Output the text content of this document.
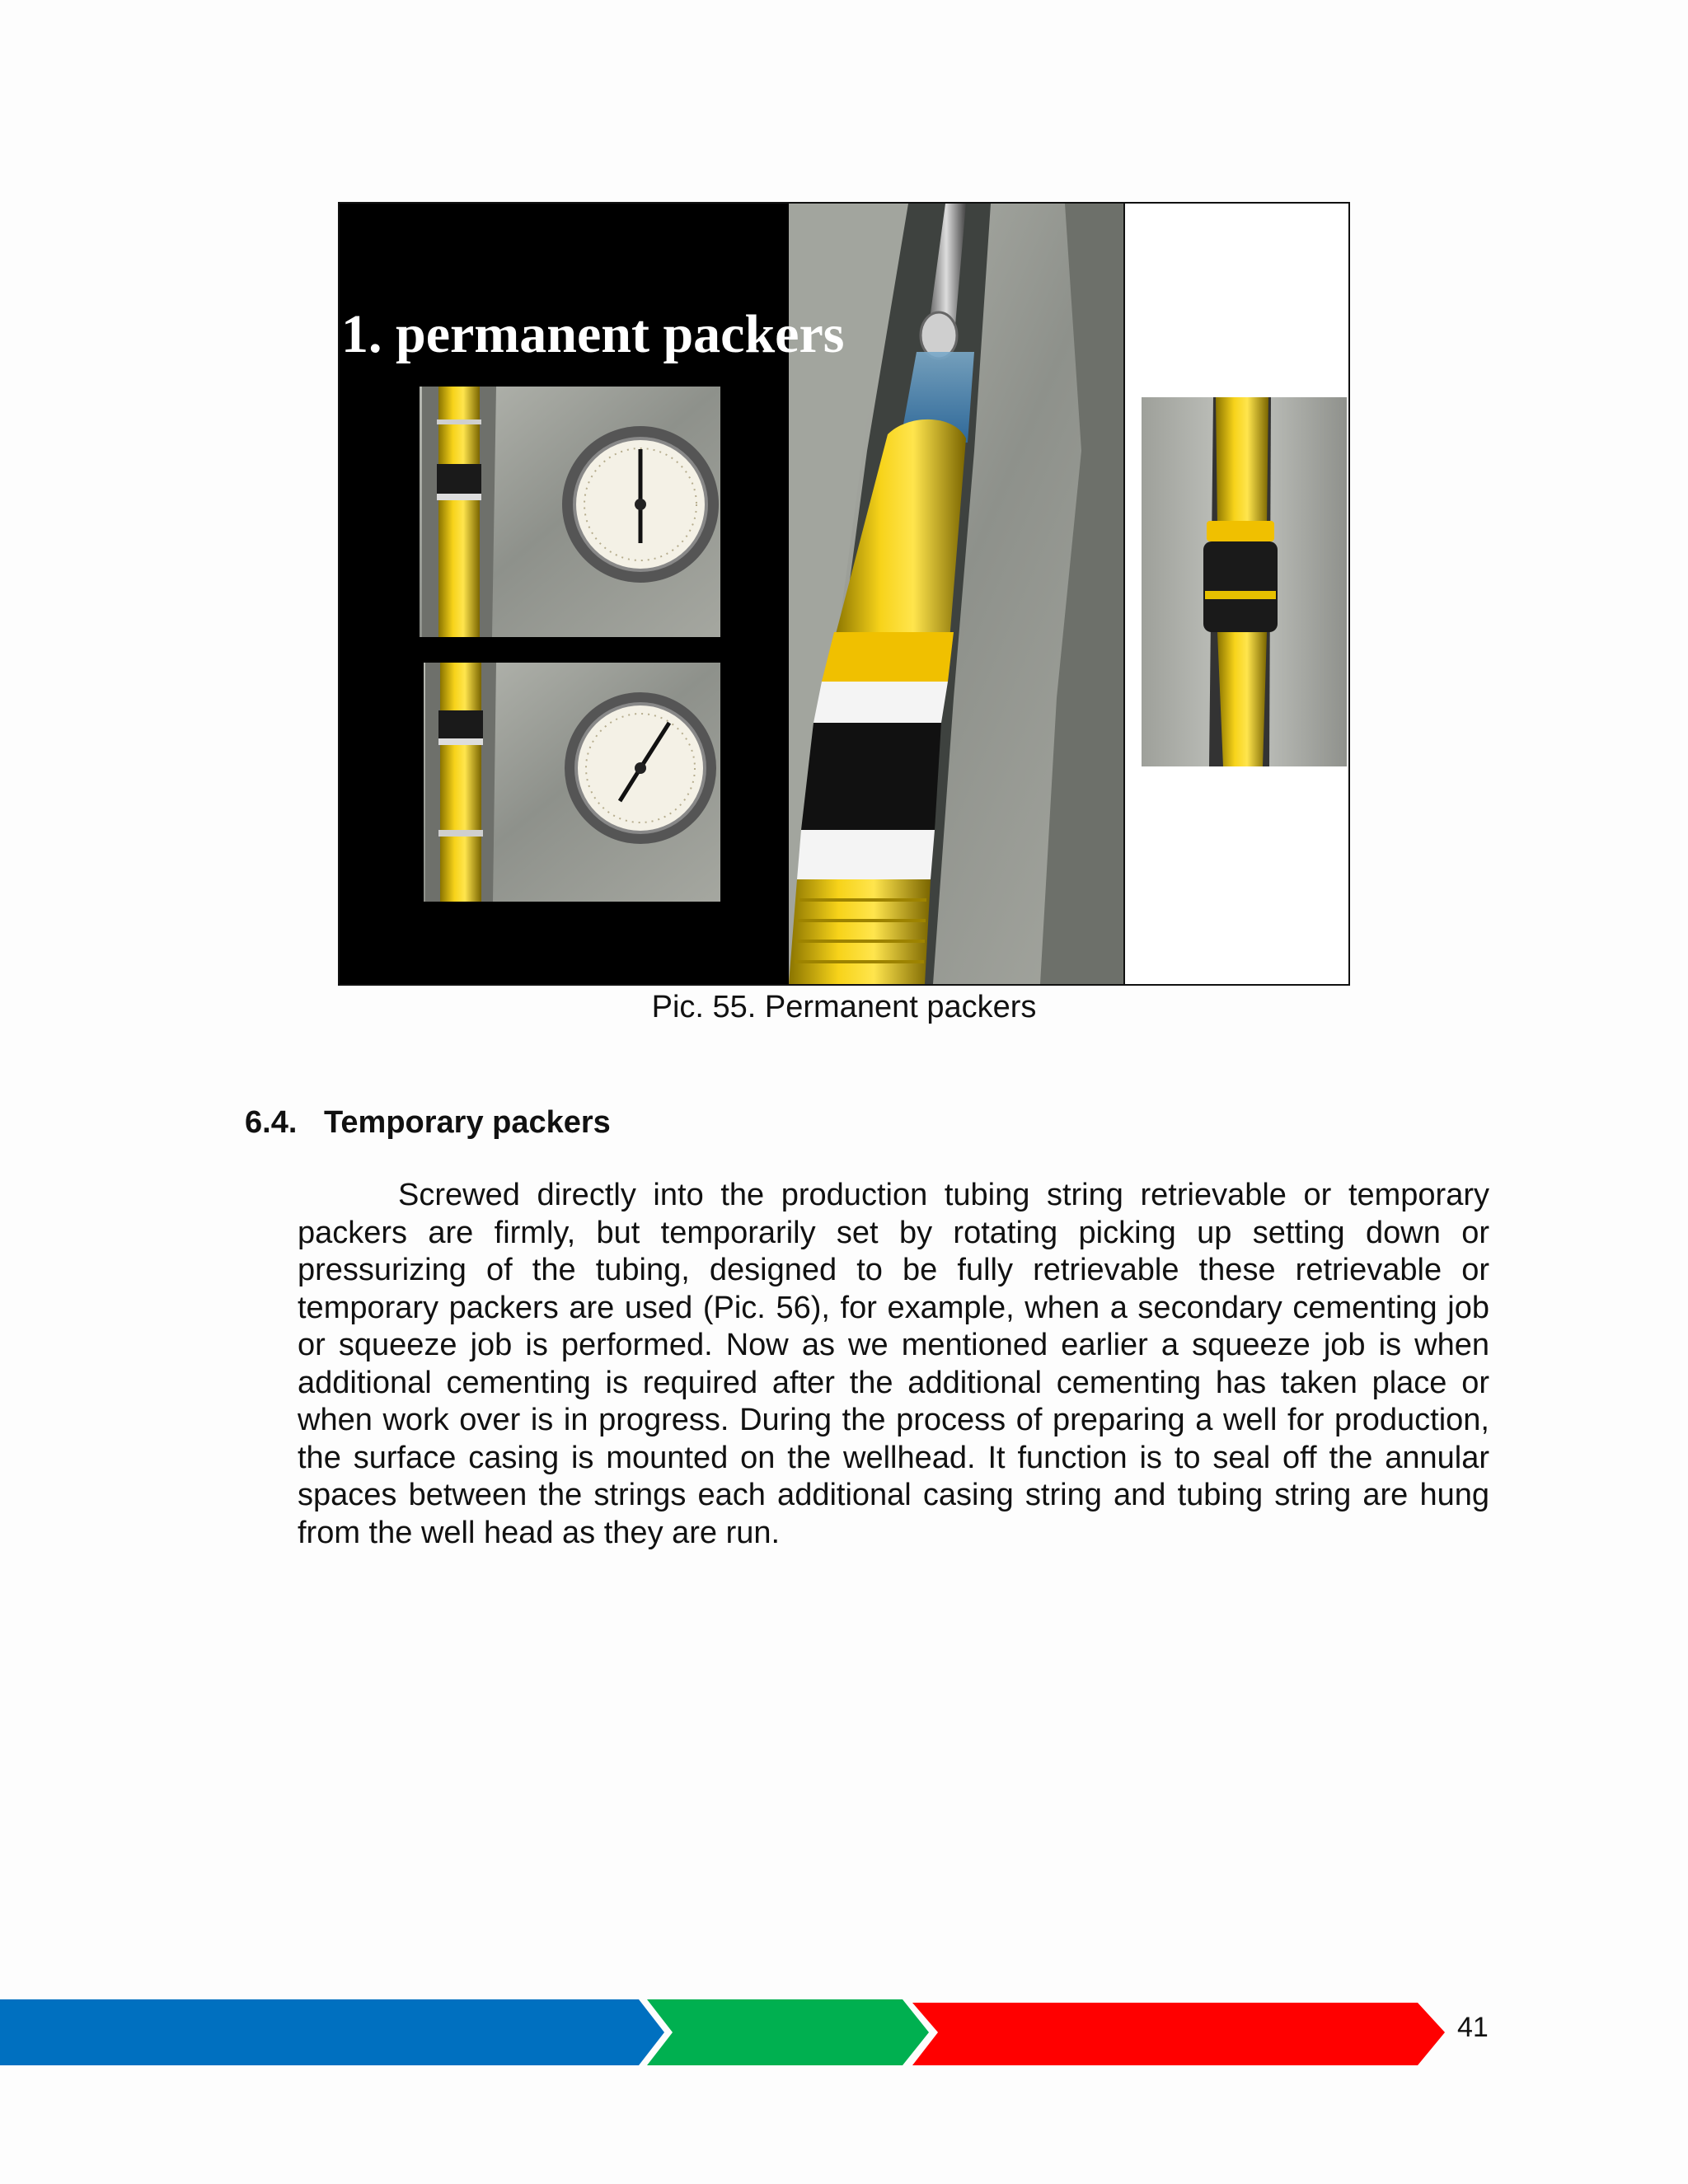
1. permanent packers
Pic. 55. Permanent packers
6.4. Temporary packers

Screwed directly into the production tubing string retrievable or temporary packers are firmly, but temporarily set by rotating picking up setting down or pressurizing of the tubing, designed to be fully retrievable these retrievable or temporary packers are used (Pic. 56), for example, when a secondary cementing job or squeeze job is performed. Now as we mentioned earlier a squeeze job is when additional cementing is required after the additional cementing has taken place or when work over is in progress. During the process of preparing a well for production, the surface casing is mounted on the wellhead. It function is to seal off the annular spaces between the strings each additional casing string and tubing string are hung from the well head as they are run.

41
